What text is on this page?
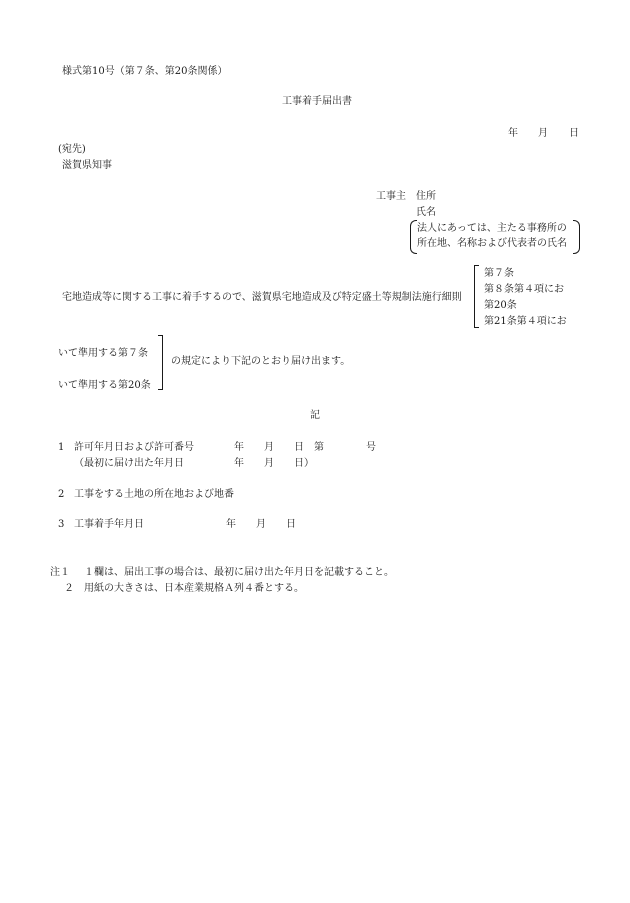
様式第10号（第７条、第20条関係）
工事着手届出書
年 月 日
(宛先)
滋賀県知事
工事主 住所
氏名
法人にあっては、主たる事務所の
所在地、名称および代表者の氏名
宅地造成等に関する工事に着手するので、滋賀県宅地造成及び特定盛土等規制法施行細則
第７条
第８条第４項にお
第20条
第21条第４項にお
いて準用する第７条
いて準用する第20条
の規定により下記のとおり届け出ます。
記
1 許可年月日および許可番号	年 月 日 第	号
（最初に届け出た年月日	年 月 日）
2 工事をする土地の所在地および地番
3 工事着手年月日	年 月 日
注１ １欄は、届出工事の場合は、最初に届け出た年月日を記載すること。
２ 用紙の大きさは、日本産業規格Ａ列４番とする。
